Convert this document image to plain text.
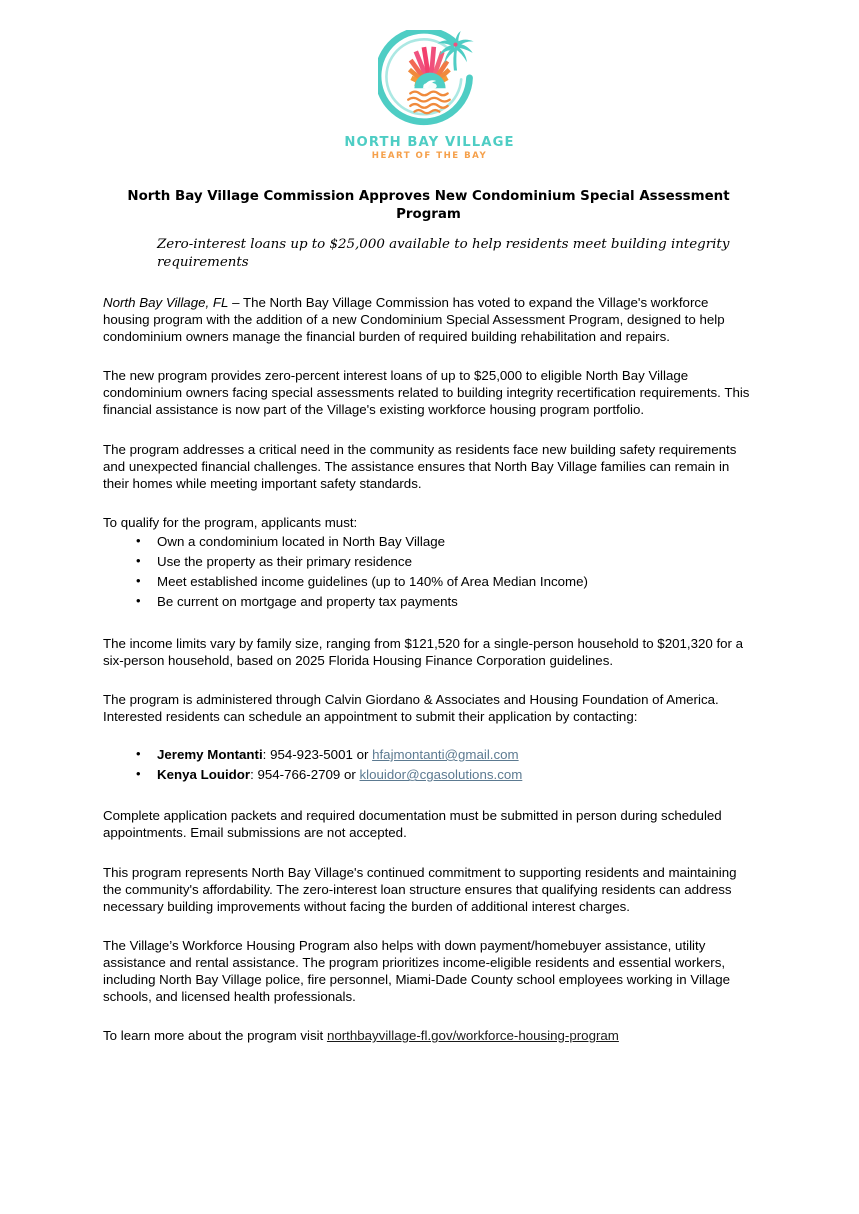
NORTH BAY VILLAGE
HEART OF THE BAY
North Bay Village Commission Approves New Condominium Special Assessment Program

Zero-interest loans up to $25,000 available to help residents meet building integrity requirements

North Bay Village, FL – The North Bay Village Commission has voted to expand the Village's workforce housing program with the addition of a new Condominium Special Assessment Program, designed to help condominium owners manage the financial burden of required building rehabilitation and repairs.

The new program provides zero-percent interest loans of up to $25,000 to eligible North Bay Village condominium owners facing special assessments related to building integrity recertification requirements. This financial assistance is now part of the Village's existing workforce housing program portfolio.

The program addresses a critical need in the community as residents face new building safety requirements and unexpected financial challenges. The assistance ensures that North Bay Village families can remain in their homes while meeting important safety standards.

To qualify for the program, applicants must:

• Own a condominium located in North Bay Village
• Use the property as their primary residence
• Meet established income guidelines (up to 140% of Area Median Income)
• Be current on mortgage and property tax payments

The income limits vary by family size, ranging from $121,520 for a single-person household to $201,320 for a six-person household, based on 2025 Florida Housing Finance Corporation guidelines.

The program is administered through Calvin Giordano & Associates and Housing Foundation of America. Interested residents can schedule an appointment to submit their application by contacting:

• Jeremy Montanti: 954-923-5001 or hfajmontanti@gmail.com
• Kenya Louidor: 954-766-2709 or klouidor@cgasolutions.com

Complete application packets and required documentation must be submitted in person during scheduled appointments. Email submissions are not accepted.

This program represents North Bay Village's continued commitment to supporting residents and maintaining the community's affordability. The zero-interest loan structure ensures that qualifying residents can address necessary building improvements without facing the burden of additional interest charges.

The Village’s Workforce Housing Program also helps with down payment/homebuyer assistance, utility assistance and rental assistance. The program prioritizes income-eligible residents and essential workers, including North Bay Village police, fire personnel, Miami-Dade County school employees working in Village schools, and licensed health professionals.

To learn more about the program visit northbayvillage-fl.gov/workforce-housing-program
